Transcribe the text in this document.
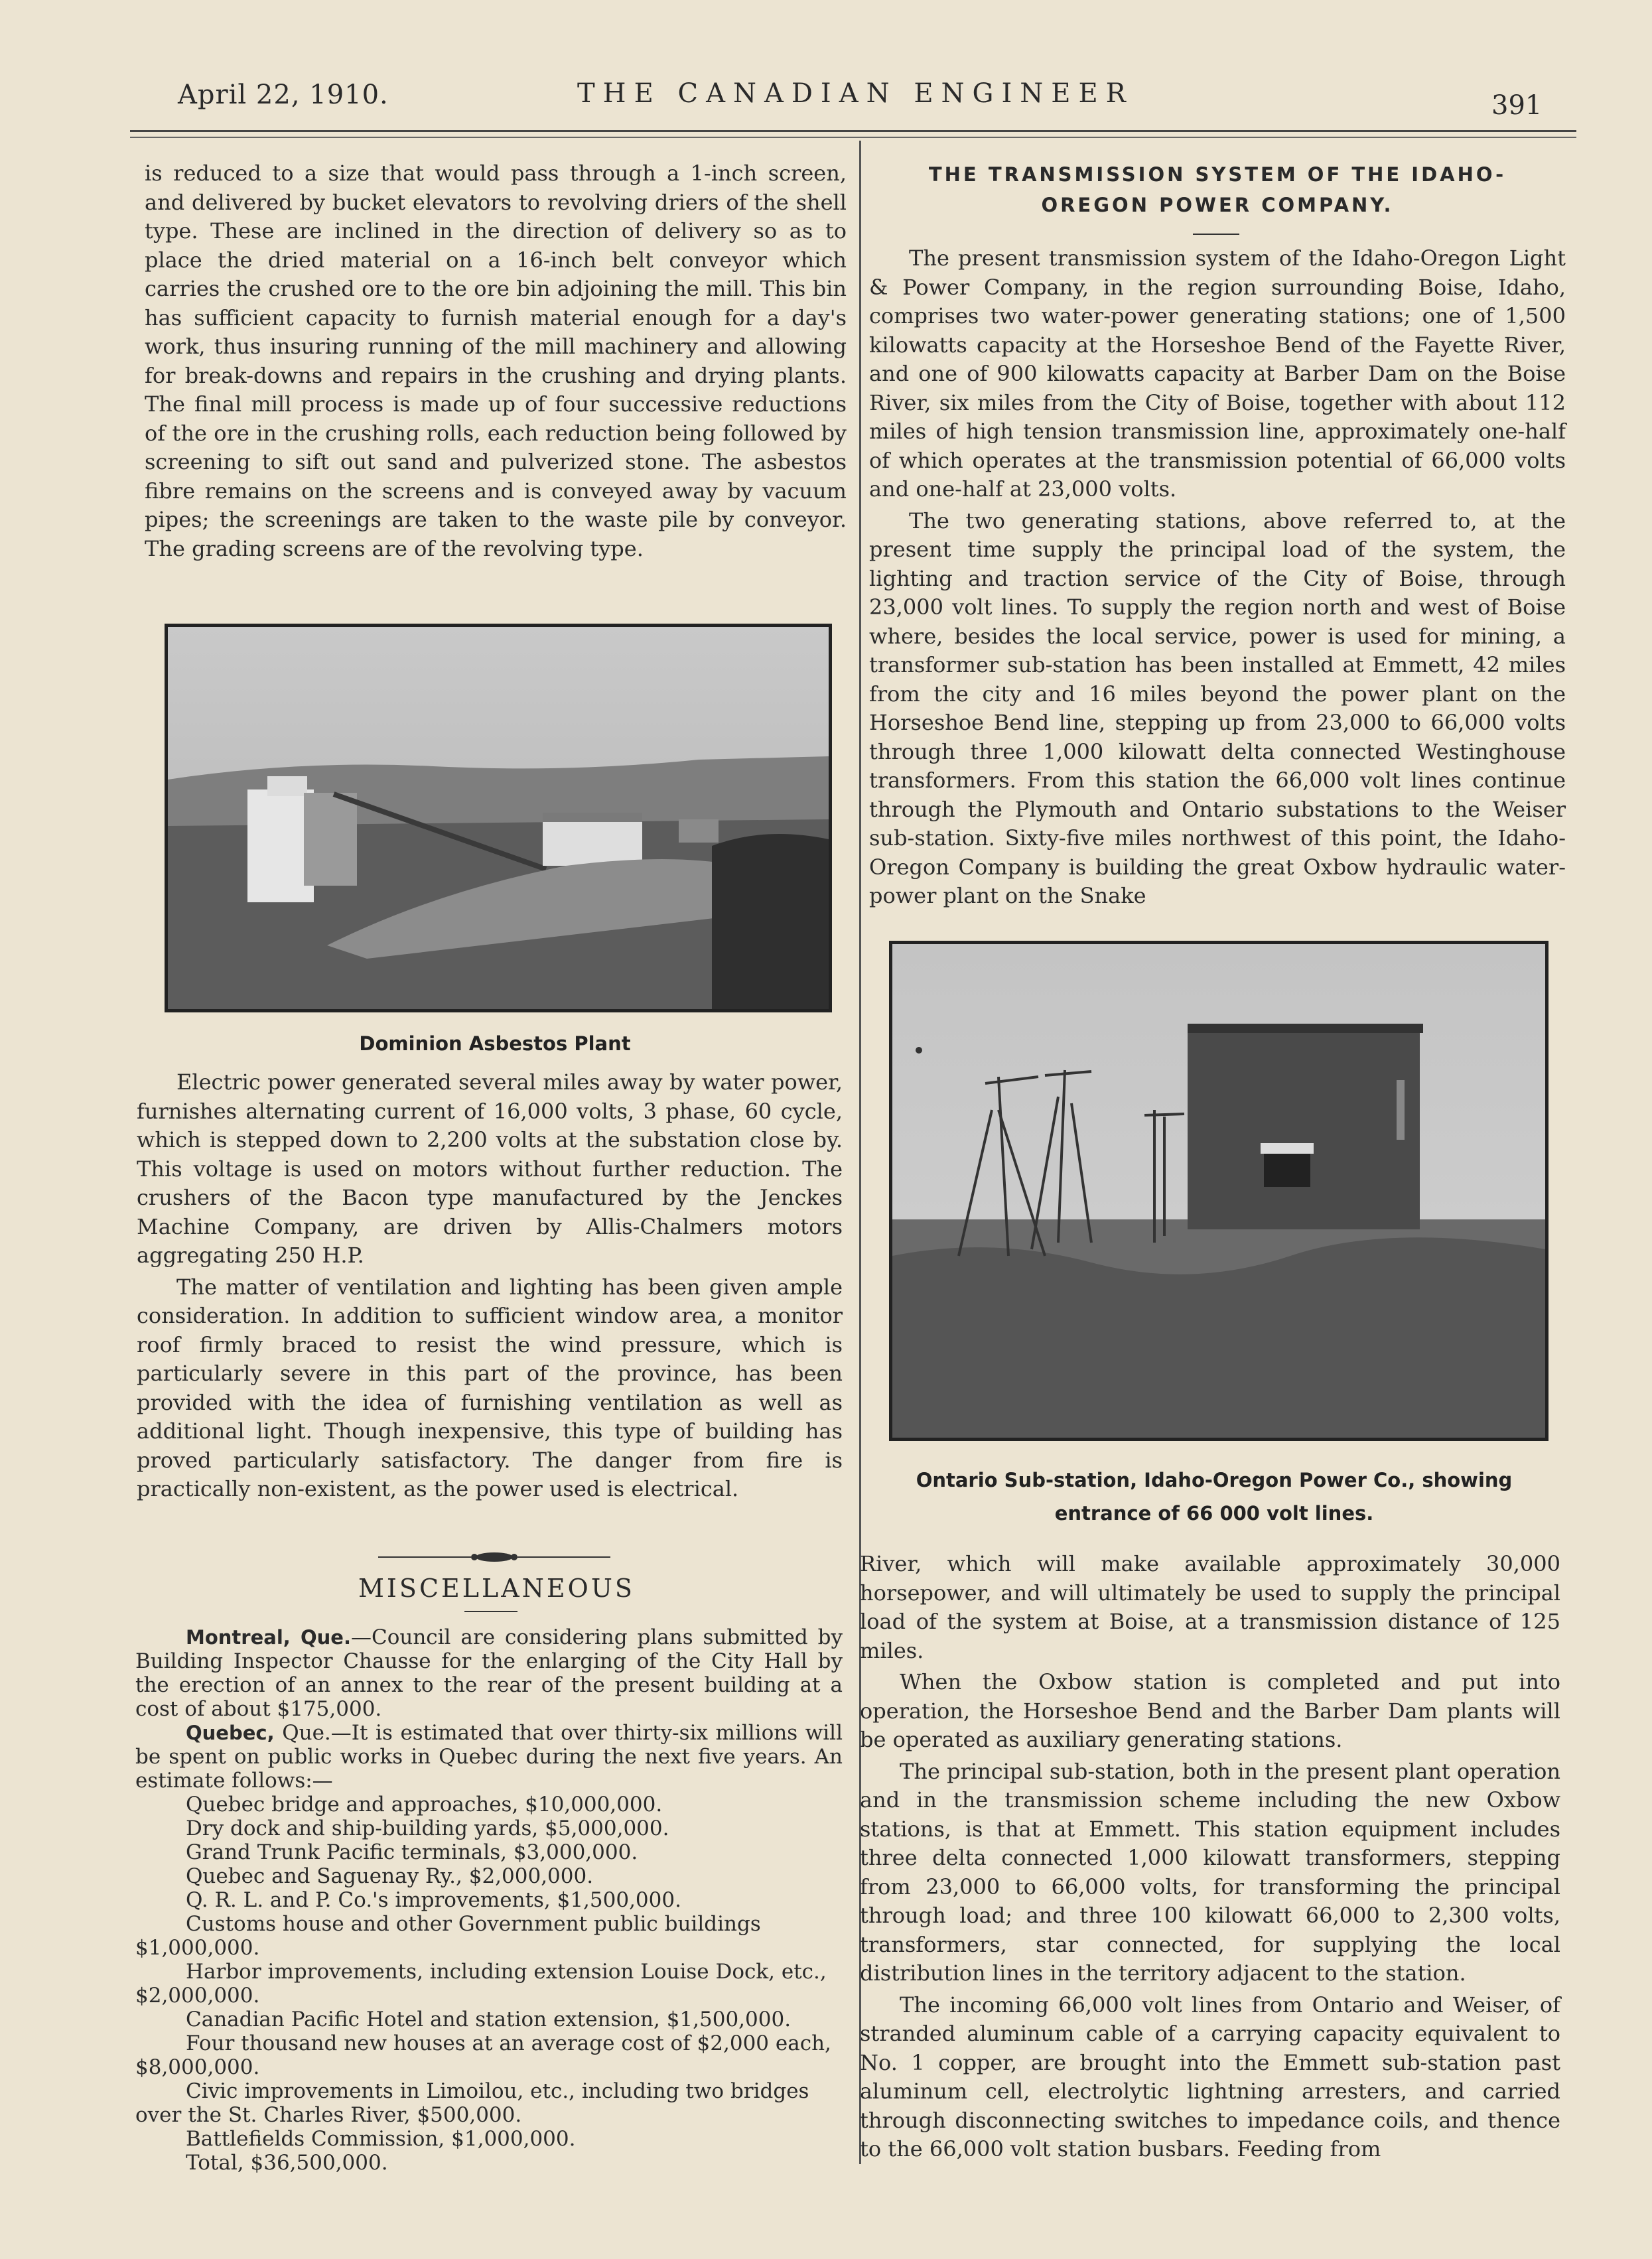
April 22, 1910.	THE CANADIAN ENGINEER	391

is reduced to a size that would pass through a 1-inch screen, and delivered by bucket elevators to revolving driers of the shell type. These are inclined in the direction of delivery so as to place the dried material on a 16-inch belt conveyor which carries the crushed ore to the ore bin adjoining the mill. This bin has sufficient capacity to furnish material enough for a day's work, thus insuring running of the mill machinery and allowing for break-downs and repairs in the crushing and drying plants. The final mill process is made up of four successive reductions of the ore in the crushing rolls, each reduction being followed by screening to sift out sand and pulverized stone. The asbestos fibre remains on the screens and is conveyed away by vacuum pipes; the screenings are taken to the waste pile by conveyor. The grading screens are of the revolving type.

Dominion Asbestos Plant

Electric power generated several miles away by water power, furnishes alternating current of 16,000 volts, 3 phase, 60 cycle, which is stepped down to 2,200 volts at the substation close by. This voltage is used on motors without further reduction. The crushers of the Bacon type manufactured by the Jenckes Machine Company, are driven by Allis-Chalmers motors aggregating 250 H.P.

The matter of ventilation and lighting has been given ample consideration. In addition to sufficient window area, a monitor roof firmly braced to resist the wind pressure, which is particularly severe in this part of the province, has been provided with the idea of furnishing ventilation as well as additional light. Though inexpensive, this type of building has proved particularly satisfactory. The danger from fire is practically non-existent, as the power used is electrical.

MISCELLANEOUS

Montreal, Que.—Council are considering plans submitted by Building Inspector Chausse for the enlarging of the City Hall by the erection of an annex to the rear of the present building at a cost of about $175,000.

Quebec, Que.—It is estimated that over thirty-six millions will be spent on public works in Quebec during the next five years. An estimate follows:—

Quebec bridge and approaches, $10,000,000.

Dry dock and ship-building yards, $5,000,000.

Grand Trunk Pacific terminals, $3,000,000.

Quebec and Saguenay Ry., $2,000,000.

Q. R. L. and P. Co.'s improvements, $1,500,000.

Customs house and other Government public buildings $1,000,000.

Harbor improvements, including extension Louise Dock, etc., $2,000,000.

Canadian Pacific Hotel and station extension, $1,500,000.

Four thousand new houses at an average cost of $2,000 each, $8,000,000.

Civic improvements in Limoilou, etc., including two bridges over the St. Charles River, $500,000.

Battlefields Commission, $1,000,000.

Total, $36,500,000.

THE TRANSMISSION SYSTEM OF THE IDAHO-OREGON POWER COMPANY.

The present transmission system of the Idaho-Oregon Light & Power Company, in the region surrounding Boise, Idaho, comprises two water-power generating stations; one of 1,500 kilowatts capacity at the Horseshoe Bend of the Fayette River, and one of 900 kilowatts capacity at Barber Dam on the Boise River, six miles from the City of Boise, together with about 112 miles of high tension transmission line, approximately one-half of which operates at the transmission potential of 66,000 volts and one-half at 23,000 volts.

The two generating stations, above referred to, at the present time supply the principal load of the system, the lighting and traction service of the City of Boise, through 23,000 volt lines. To supply the region north and west of Boise where, besides the local service, power is used for mining, a transformer sub-station has been installed at Emmett, 42 miles from the city and 16 miles beyond the power plant on the Horseshoe Bend line, stepping up from 23,000 to 66,000 volts through three 1,000 kilowatt delta connected Westinghouse transformers. From this station the 66,000 volt lines continue through the Plymouth and Ontario substations to the Weiser sub-station. Sixty-five miles northwest of this point, the Idaho-Oregon Company is building the great Oxbow hydraulic water-power plant on the Snake

Ontario Sub-station, Idaho-Oregon Power Co., showing entrance of 66 000 volt lines.

River, which will make available approximately 30,000 horsepower, and will ultimately be used to supply the principal load of the system at Boise, at a transmission distance of 125 miles.

When the Oxbow station is completed and put into operation, the Horseshoe Bend and the Barber Dam plants will be operated as auxiliary generating stations.

The principal sub-station, both in the present plant operation and in the transmission scheme including the new Oxbow stations, is that at Emmett. This station equipment includes three delta connected 1,000 kilowatt transformers, stepping from 23,000 to 66,000 volts, for transforming the principal through load; and three 100 kilowatt 66,000 to 2,300 volts, transformers, star connected, for supplying the local distribution lines in the territory adjacent to the station.

The incoming 66,000 volt lines from Ontario and Weiser, of stranded aluminum cable of a carrying capacity equivalent to No. 1 copper, are brought into the Emmett sub-station past aluminum cell, electrolytic lightning arresters, and carried through disconnecting switches to impedance coils, and thence to the 66,000 volt station busbars. Feeding from
